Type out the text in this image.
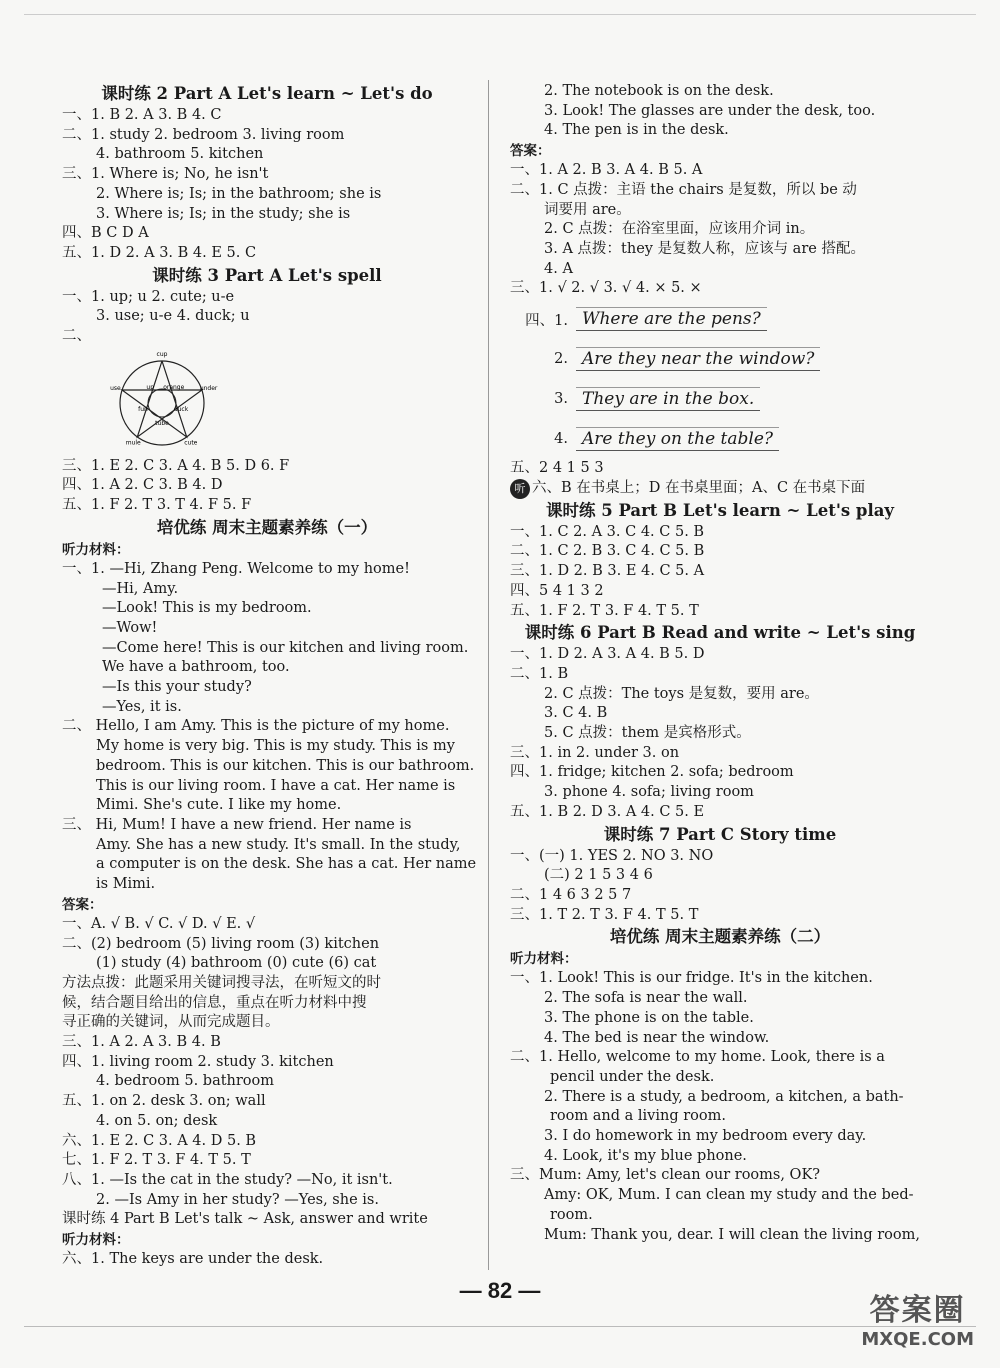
课时练 2 Part A Let's learn ~ Let's do
一、1. B 2. A 3. B 4. C
二、1. study 2. bedroom 3. living room
4. bathroom 5. kitchen
三、1. Where is; No, he isn't
2. Where is; Is; in the bathroom; she is
3. Where is; Is; in the study; she is
四、B C D A
五、1. D 2. A 3. B 4. E 5. C
课时练 3 Part A Let's spell
一、1. up; u 2. cute; u-e
3. use; u-e 4. duck; u
二、
cup
orange	under
duck
cute
tube
mule
fun
use	up
三、1. E 2. C 3. A 4. B 5. D 6. F
四、1. A 2. C 3. B 4. D
五、1. F 2. T 3. T 4. F 5. F
培优练 周末主题素养练（一）
听力材料：
一、1. —Hi, Zhang Peng. Welcome to my home!
—Hi, Amy.
—Look! This is my bedroom.
—Wow!
—Come here! This is our kitchen and living room.
We have a bathroom, too.
—Is this your study?
—Yes, it is.
二、 Hello, I am Amy. This is the picture of my home.
My home is very big. This is my study. This is my
bedroom. This is our kitchen. This is our bathroom.
This is our living room. I have a cat. Her name is
Mimi. She's cute. I like my home.
三、 Hi, Mum! I have a new friend. Her name is
Amy. She has a new study. It's small. In the study,
a computer is on the desk. She has a cat. Her name
is Mimi.
答案：
一、A. √ B. √ C. √ D. √ E. √
二、(2) bedroom (5) living room (3) kitchen
(1) study (4) bathroom (0) cute (6) cat
方法点拨：此题采用关键词搜寻法，在听短文的时
候，结合题目给出的信息，重点在听力材料中搜
寻正确的关键词，从而完成题目。
三、1. A 2. A 3. B 4. B
四、1. living room 2. study 3. kitchen
4. bedroom 5. bathroom
五、1. on 2. desk 3. on; wall
4. on 5. on; desk
六、1. E 2. C 3. A 4. D 5. B
七、1. F 2. T 3. F 4. T 5. T
八、1. —Is the cat in the study? —No, it isn't.
2. —Is Amy in her study? —Yes, she is.
课时练 4 Part B Let's talk ~ Ask, answer and write
听力材料：
六、1. The keys are under the desk.
2. The notebook is on the desk.
3. Look! The glasses are under the desk, too.
4. The pen is in the desk.
答案：
一、1. A 2. B 3. A 4. B 5. A
二、1. C 点拨：主语 the chairs 是复数，所以 be 动
词要用 are。
2. C 点拨：在浴室里面，应该用介词 in。
3. A 点拨：they 是复数人称，应该与 are 搭配。
4. A
三、1. √ 2. √ 3. √ 4. × 5. ×
四、1. Where are the pens?
2. Are they near the window?
3. They are in the box.
4. Are they on the table?
五、2 4 1 5 3
听 六、B 在书桌上；D 在书桌里面；A、C 在书桌下面
课时练 5 Part B Let's learn ~ Let's play
一、1. C 2. A 3. C 4. C 5. B
二、1. C 2. B 3. C 4. C 5. B
三、1. D 2. B 3. E 4. C 5. A
四、5 4 1 3 2
五、1. F 2. T 3. F 4. T 5. T
课时练 6 Part B Read and write ~ Let's sing
一、1. D 2. A 3. A 4. B 5. D
二、1. B
2. C 点拨：The toys 是复数，要用 are。
3. C 4. B
5. C 点拨：them 是宾格形式。
三、1. in 2. under 3. on
四、1. fridge; kitchen 2. sofa; bedroom
3. phone 4. sofa; living room
五、1. B 2. D 3. A 4. C 5. E
课时练 7 Part C Story time
一、(一) 1. YES 2. NO 3. NO
(二) 2 1 5 3 4 6
二、1 4 6 3 2 5 7
三、1. T 2. T 3. F 4. T 5. T
培优练 周末主题素养练（二）
听力材料：
一、1. Look! This is our fridge. It's in the kitchen.
2. The sofa is near the wall.
3. The phone is on the table.
4. The bed is near the window.
二、1. Hello, welcome to my home. Look, there is a
pencil under the desk.
2. There is a study, a bedroom, a kitchen, a bath-
room and a living room.
3. I do homework in my bedroom every day.
4. Look, it's my blue phone.
三、Mum: Amy, let's clean our rooms, OK?
Amy: OK, Mum. I can clean my study and the bed-
room.
Mum: Thank you, dear. I will clean the living room,
— 82 —
答案圈
MXQE.COM
